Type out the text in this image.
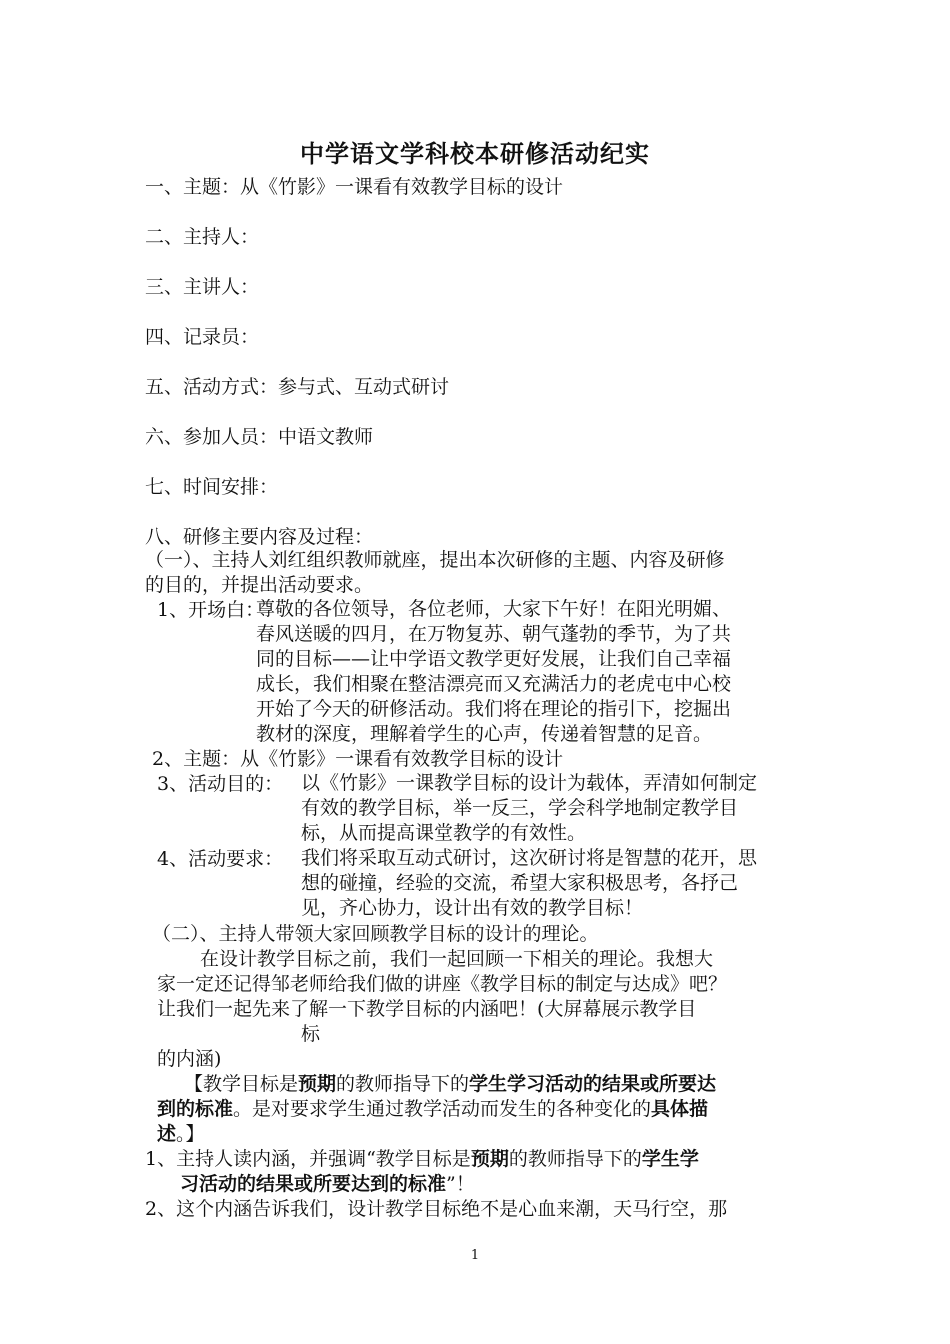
中学语文学科校本研修活动纪实
一、主题：从《竹影》一课看有效教学目标的设计
二、主持人：
三、主讲人：
四、记录员：
五、活动方式：参与式、互动式研讨
六、参加人员：中语文教师
七、时间安排：
八、研修主要内容及过程：
（一）、主持人刘红组织教师就座，提出本次研修的主题、内容及研修
的目的，并提出活动要求。
1、开场白：
尊敬的各位领导，各位老师，大家下午好！在阳光明媚、
春风送暖的四月，在万物复苏、朝气蓬勃的季节，为了共
同的目标——让中学语文教学更好发展，让我们自己幸福
成长，我们相聚在整洁漂亮而又充满活力的老虎屯中心校
开始了今天的研修活动。我们将在理论的指引下，挖掘出
教材的深度，理解着学生的心声，传递着智慧的足音。
2、主题：从《竹影》一课看有效教学目标的设计
3、活动目的： 以《竹影》一课教学目标的设计为载体，弄清如何制定
有效的教学目标，举一反三，学会科学地制定教学目
标，从而提高课堂教学的有效性。
4、活动要求： 我们将采取互动式研讨，这次研讨将是智慧的花开，思
想的碰撞，经验的交流，希望大家积极思考，各抒己
见，齐心协力，设计出有效的教学目标！
（二）、主持人带领大家回顾教学目标的设计的理论。
在设计教学目标之前，我们一起回顾一下相关的理论。我想大
家一定还记得邹老师给我们做的讲座《教学目标的制定与达成》吧？
让我们一起先来了解一下教学目标的内涵吧！(大屏幕展示教学目
标
的内涵)
【教学目标是预期的教师指导下的学生学习活动的结果或所要达
到的标准。是对要求学生通过教学活动而发生的各种变化的具体描
述。】
1、主持人读内涵，并强调“教学目标是预期的教师指导下的学生学
习活动的结果或所要达到的标准”！
2、这个内涵告诉我们，设计教学目标绝不是心血来潮，天马行空，那
1
